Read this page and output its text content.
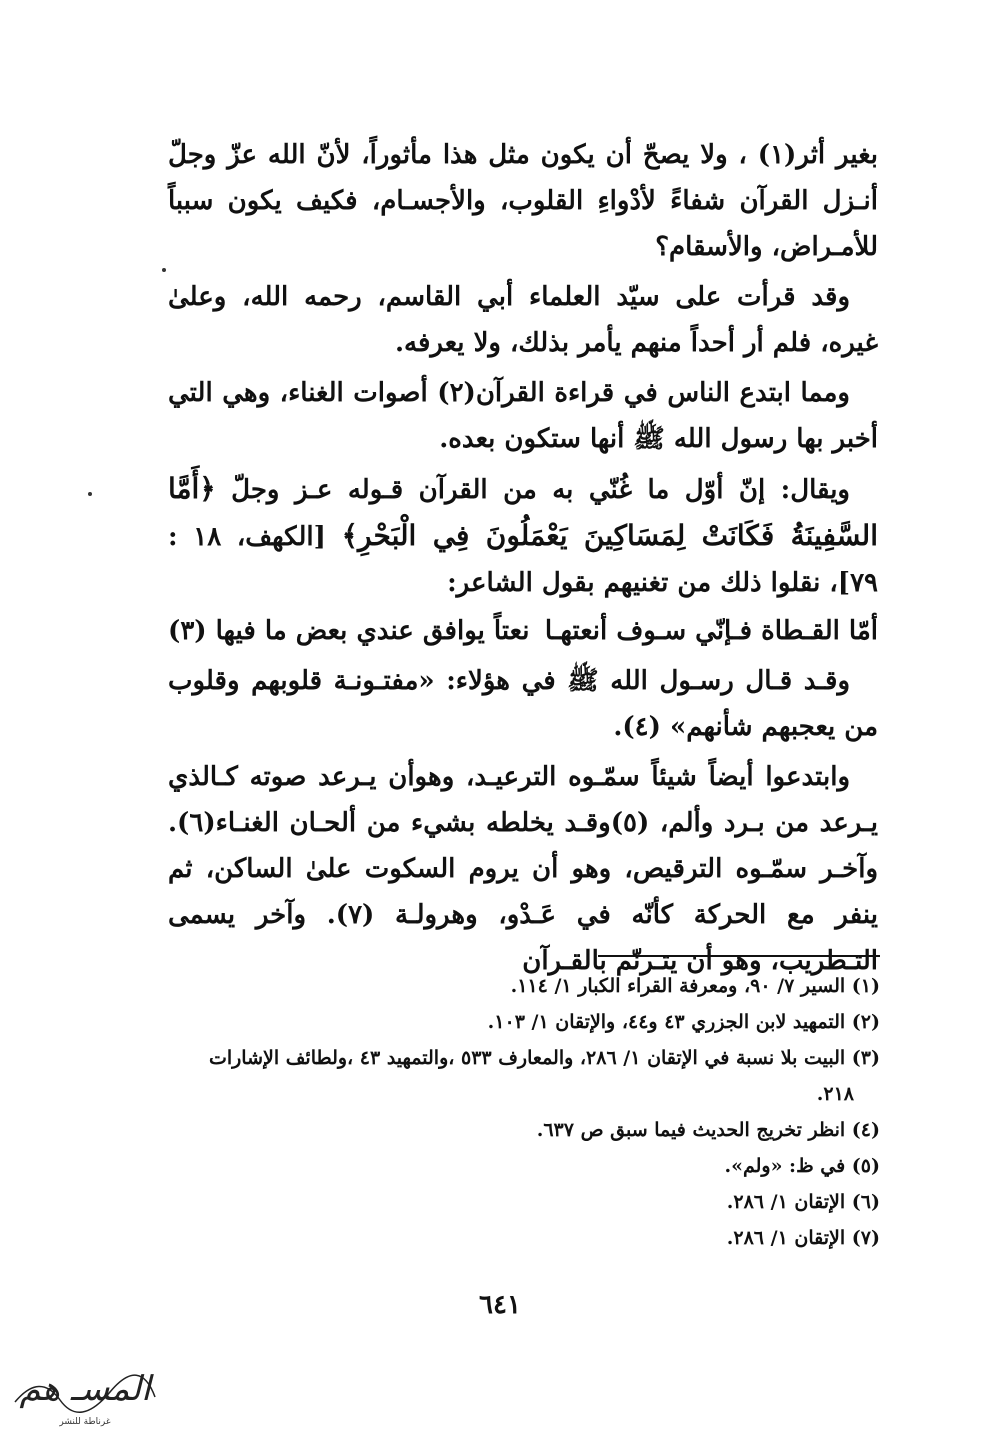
بغير أثر(١) ، ولا يصحّ أن يكون مثل هذا مأثوراً، لأنّ الله عزّ وجلّ أنـزل القرآن شفاءً لأدْواءِ القلوب، والأجسـام، فكيف يكون سبباً للأمـراض، والأسقام؟

وقد قرأت على سيّد العلماء أبي القاسم، رحمه الله، وعلىٰ غيره، فلم أر أحداً منهم يأمر بذلك، ولا يعرفه.

ومما ابتدع الناس في قراءة القرآن(٢) أصوات الغناء، وهي التي أخبر بها رسول الله ﷺ أنها ستكون بعده.

ويقال: إنّ أوّل ما غُنّي به من القرآن قـوله عـز وجلّ ﴿أَمَّا السَّفِينَةُ فَكَانَتْ لِمَسَاكِينَ يَعْمَلُونَ فِي الْبَحْرِ﴾ [الكهف، ١٨ : ٧٩]، نقلوا ذلك من تغنيهم بقول الشاعر:

أمّا القـطاة فـإنّي سـوف أنعتهـا
نعتاً يوافق عندي بعض ما فيها (٣)

وقـد قـال رسـول الله ﷺ في هؤلاء: «مفتـونـة قلوبهم وقلوب من يعجبهم شأنهم» (٤).

وابتدعوا أيضاً شيئاً سمّـوه الترعيـد، وهوأن يـرعد صوته كـالذي يـرعد من بـرد وألم، (٥)وقـد يخلطه بشيء من ألحـان الغنـاء(٦). وآخـر سمّـوه الترقيص، وهو أن يروم السكوت علىٰ الساكن، ثم ينفر مع الحركة كأنّه في عَـدْو، وهرولـة (٧). وآخر يسمى التـطريب، وهو أن يتـرنّم بالقـرآن

(١) السير ٧/ ٩٠، ومعرفة القراء الكبار ١/ ١١٤.

(٢) التمهيد لابن الجزري ٤٣ و٤٤، والإتقان ١/ ١٠٣.

(٣) البيت بلا نسبة في الإتقان ١/ ٢٨٦، والمعارف ٥٣٣ ،والتمهيد ٤٣ ،ولطائف الإشارات

٢١٨.

(٤) انظر تخريج الحديث فيما سبق ص ٦٣٧.

(٥) في ظ: «ولم».

(٦) الإتقان ١/ ٢٨٦.

(٧) الإتقان ١/ ٢٨٦.

٦٤١
المسـ هم
غرناطة للنشر
